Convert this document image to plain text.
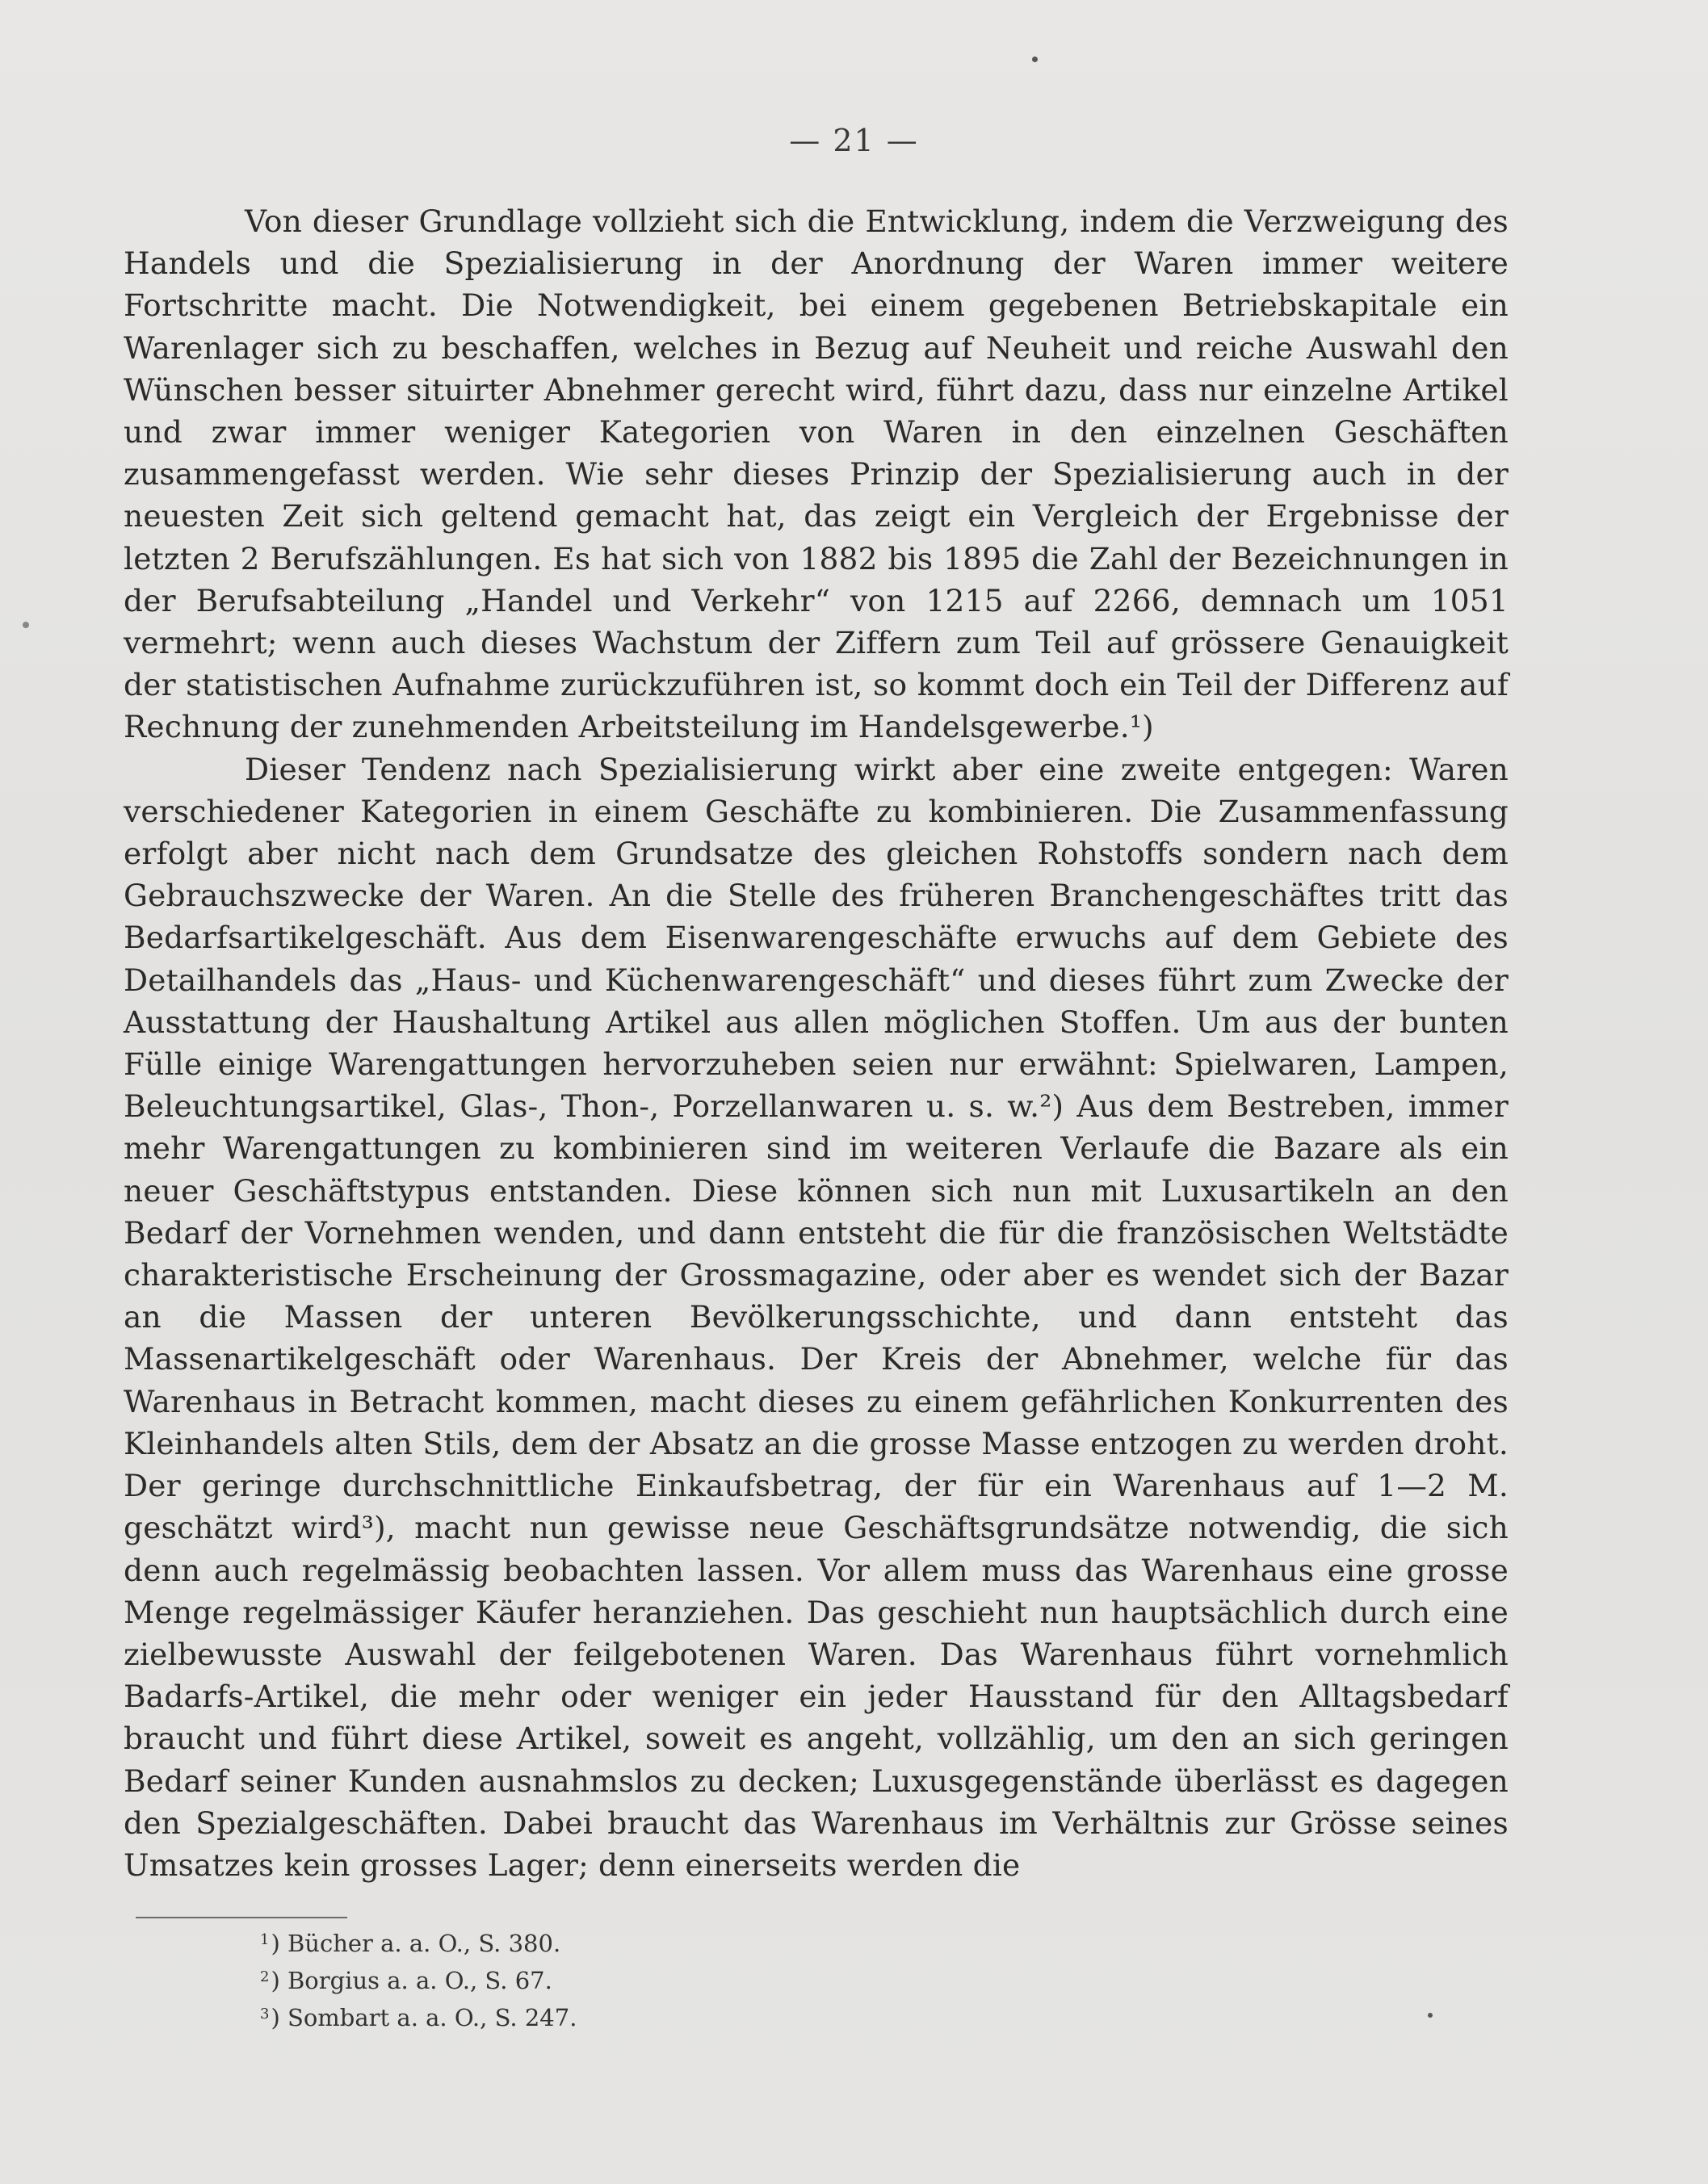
— 21 —

Von dieser Grundlage vollzieht sich die Entwicklung, indem die Verzweigung des Handels und die Spezialisierung in der Anordnung der Waren immer weitere Fortschritte macht. Die Notwendigkeit, bei einem gegebenen Betriebskapitale ein Warenlager sich zu beschaffen, welches in Bezug auf Neuheit und reiche Auswahl den Wünschen besser situirter Abnehmer gerecht wird, führt dazu, dass nur einzelne Artikel und zwar immer weniger Kategorien von Waren in den einzelnen Geschäften zusammengefasst werden. Wie sehr dieses Prinzip der Spezialisierung auch in der neuesten Zeit sich geltend gemacht hat, das zeigt ein Vergleich der Ergebnisse der letzten 2 Berufszählungen. Es hat sich von 1882 bis 1895 die Zahl der Bezeichnungen in der Berufsabteilung „Handel und Verkehr“ von 1215 auf 2266, demnach um 1051 vermehrt; wenn auch dieses Wachstum der Ziffern zum Teil auf grössere Genauigkeit der statistischen Aufnahme zurückzuführen ist, so kommt doch ein Teil der Differenz auf Rechnung der zunehmenden Arbeitsteilung im Handelsgewerbe.¹)

Dieser Tendenz nach Spezialisierung wirkt aber eine zweite entgegen: Waren verschiedener Kategorien in einem Geschäfte zu kombinieren. Die Zusammenfassung erfolgt aber nicht nach dem Grundsatze des gleichen Rohstoffs sondern nach dem Gebrauchszwecke der Waren. An die Stelle des früheren Branchengeschäftes tritt das Bedarfsartikelgeschäft. Aus dem Eisenwarengeschäfte erwuchs auf dem Gebiete des Detailhandels das „Haus- und Küchenwarengeschäft“ und dieses führt zum Zwecke der Ausstattung der Haushaltung Artikel aus allen möglichen Stoffen. Um aus der bunten Fülle einige Warengattungen hervorzuheben seien nur erwähnt: Spielwaren, Lampen, Beleuchtungsartikel, Glas-, Thon-, Porzellanwaren u. s. w.²) Aus dem Bestreben, immer mehr Warengattungen zu kombinieren sind im weiteren Verlaufe die Bazare als ein neuer Geschäftstypus entstanden. Diese können sich nun mit Luxusartikeln an den Bedarf der Vornehmen wenden, und dann entsteht die für die französischen Weltstädte charakteristische Erscheinung der Grossmagazine, oder aber es wendet sich der Bazar an die Massen der unteren Bevölkerungsschichte, und dann entsteht das Massenartikelgeschäft oder Warenhaus. Der Kreis der Abnehmer, welche für das Warenhaus in Betracht kommen, macht dieses zu einem gefährlichen Konkurrenten des Kleinhandels alten Stils, dem der Absatz an die grosse Masse entzogen zu werden droht. Der geringe durchschnittliche Einkaufsbetrag, der für ein Warenhaus auf 1—2 M. geschätzt wird³), macht nun gewisse neue Geschäftsgrundsätze notwendig, die sich denn auch regelmässig beobachten lassen. Vor allem muss das Warenhaus eine grosse Menge regelmässiger Käufer heranziehen. Das geschieht nun hauptsächlich durch eine zielbewusste Auswahl der feilgebotenen Waren. Das Warenhaus führt vornehmlich Badarfs-Artikel, die mehr oder weniger ein jeder Hausstand für den Alltagsbedarf braucht und führt diese Artikel, soweit es angeht, vollzählig, um den an sich geringen Bedarf seiner Kunden ausnahmslos zu decken; Luxusgegenstände überlässt es dagegen den Spezialgeschäften. Dabei braucht das Warenhaus im Verhältnis zur Grösse seines Umsatzes kein grosses Lager; denn einerseits werden die

$^1$) Bücher a. a. O., S. 380.
$^2$) Borgius a. a. O., S. 67.
$^3$) Sombart a. a. O., S. 247.
